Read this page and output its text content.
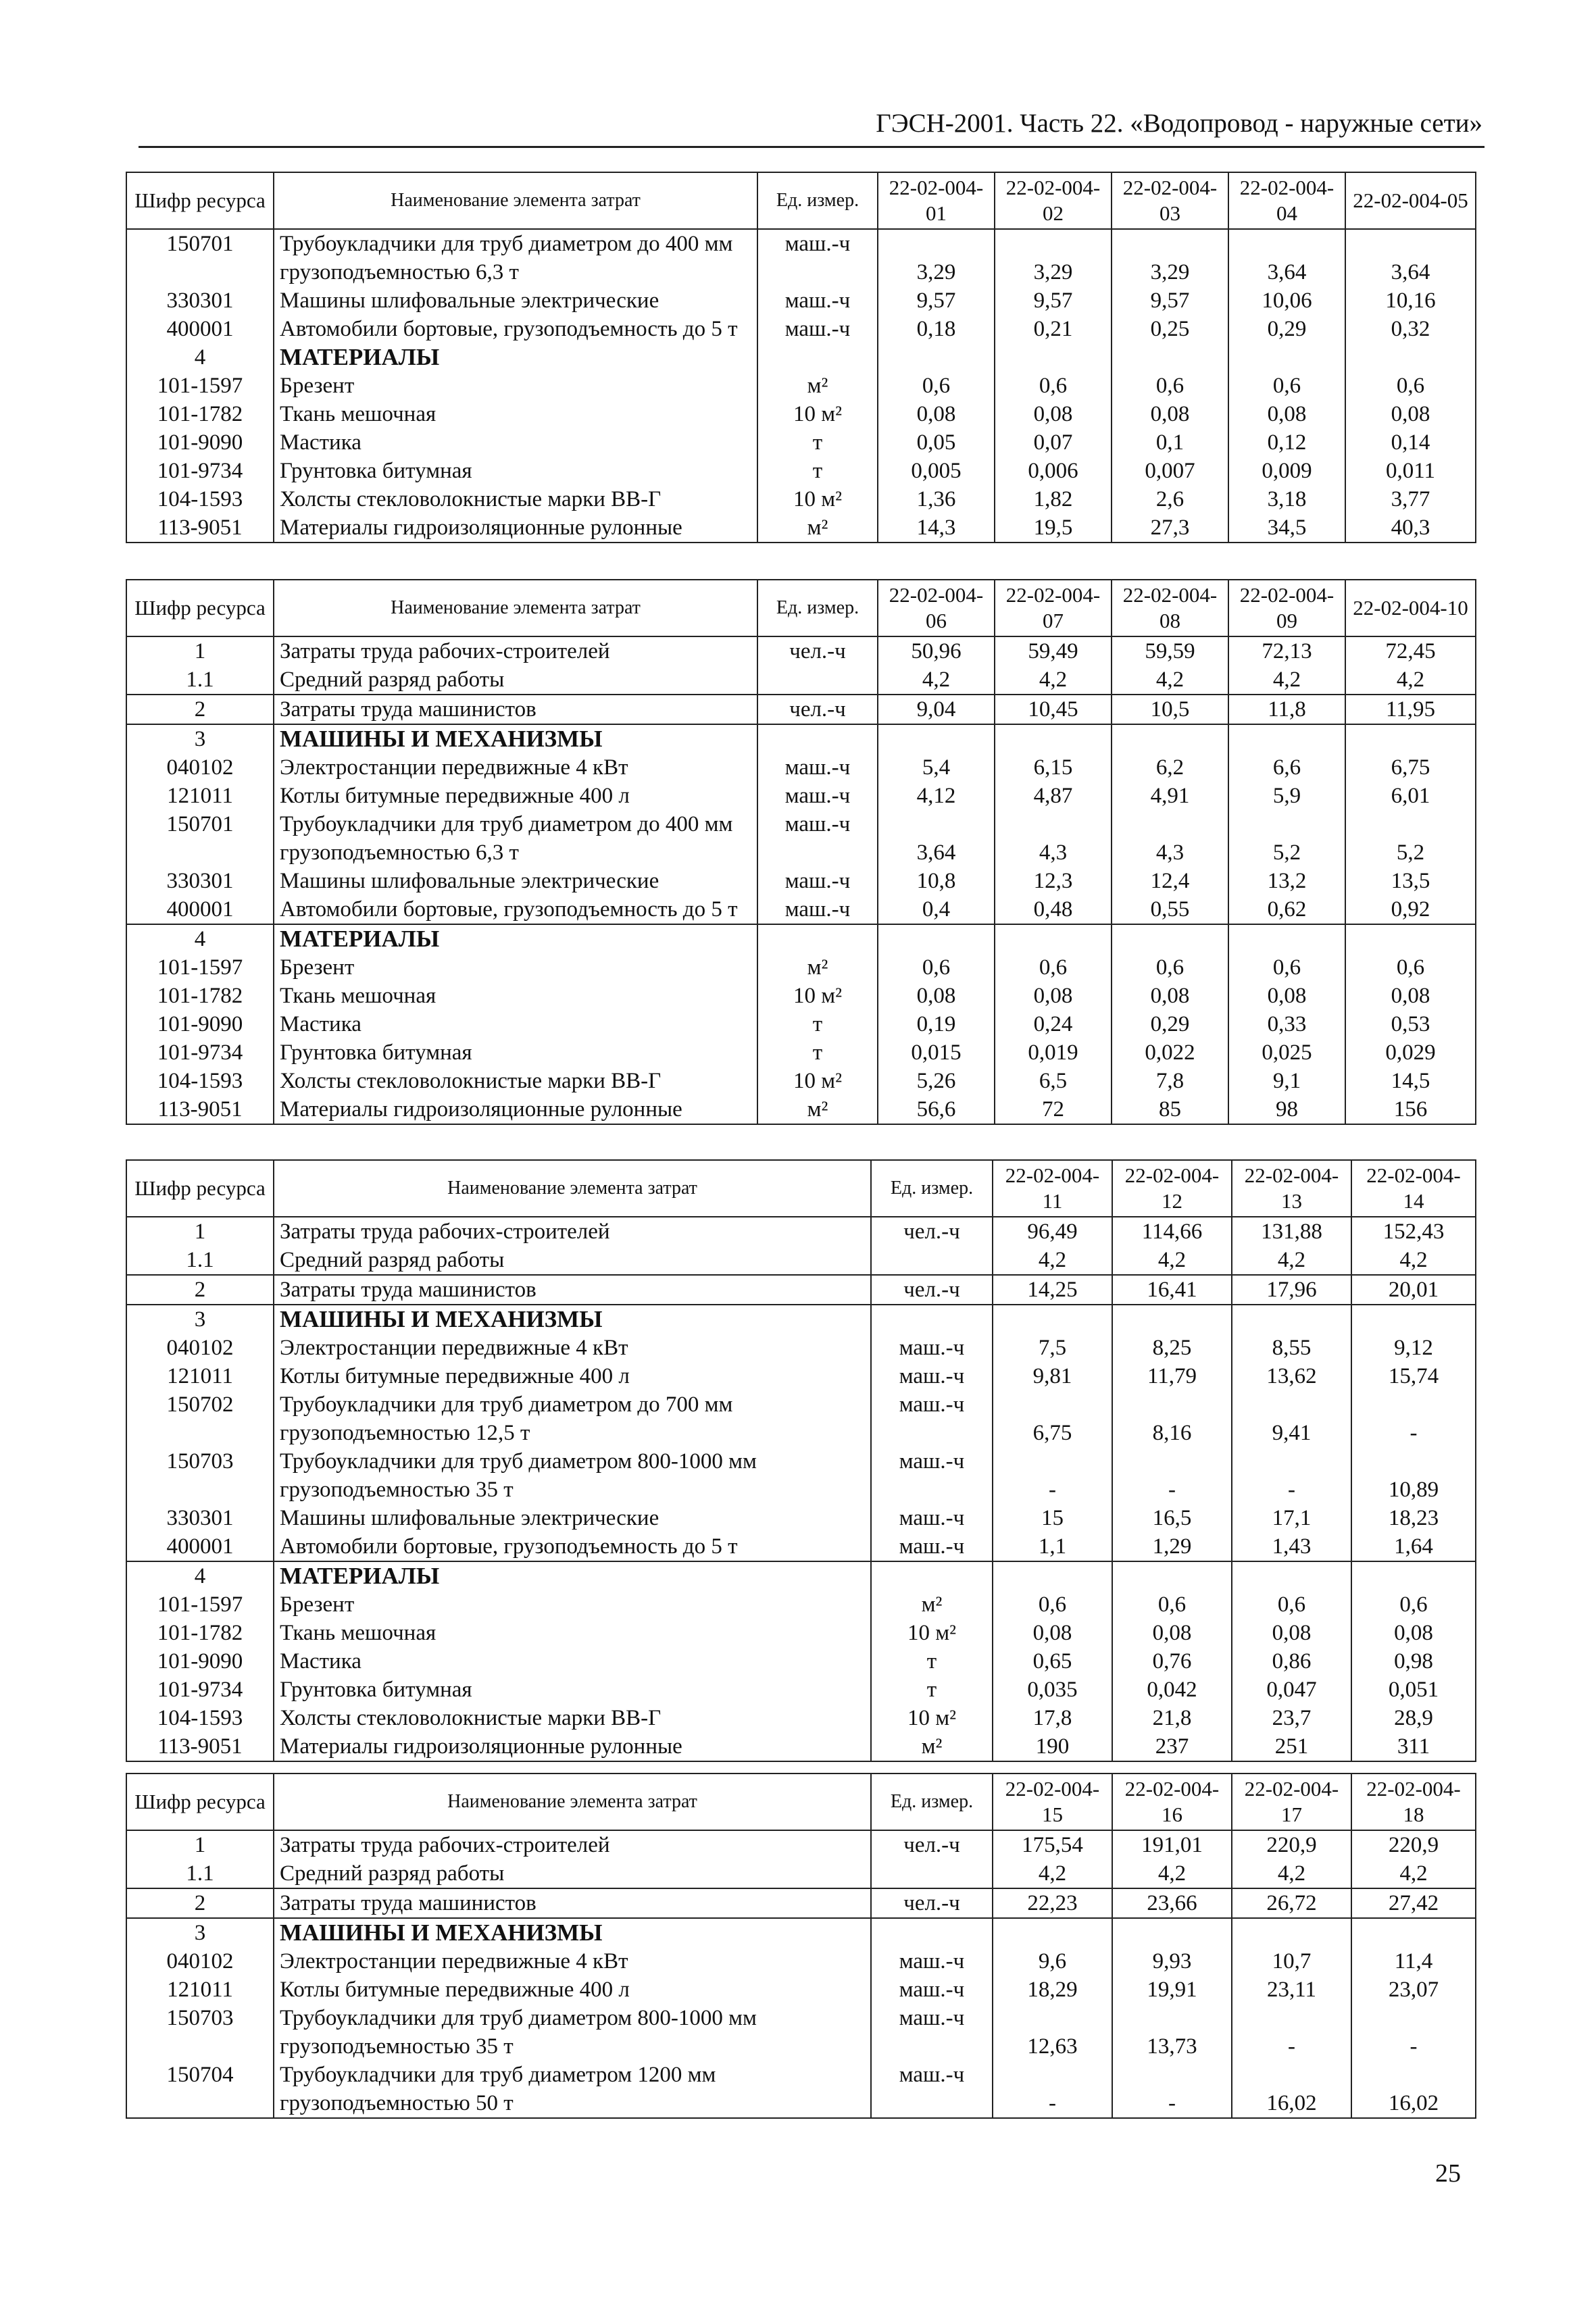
ГЭСН-2001. Часть 22. «Водопровод - наружные сети»
Шифр ресурса	Наименование элемента затрат	Ед. измер.	22-02-004-01	22-02-004-02	22-02-004-03	22-02-004-04	22-02-004-05
150701	Трубоукладчики для труб диаметром до 400 мм грузоподъемностью 6,3 т	маш.-ч	3,29	3,29	3,29	3,64	3,64
330301	Машины шлифовальные электрические	маш.-ч	9,57	9,57	9,57	10,06	10,16
400001	Автомобили бортовые, грузоподъемность до 5 т	маш.-ч	0,18	0,21	0,25	0,29	0,32
4	МАТЕРИАЛЫ						
101-1597	Брезент	м²	0,6	0,6	0,6	0,6	0,6
101-1782	Ткань мешочная	10 м²	0,08	0,08	0,08	0,08	0,08
101-9090	Мастика	т	0,05	0,07	0,1	0,12	0,14
101-9734	Грунтовка битумная	т	0,005	0,006	0,007	0,009	0,011
104-1593	Холсты стекловолокнистые марки ВВ-Г	10 м²	1,36	1,82	2,6	3,18	3,77
113-9051	Материалы гидроизоляционные рулонные	м²	14,3	19,5	27,3	34,5	40,3
Шифр ресурса	Наименование элемента затрат	Ед. измер.	22-02-004-06	22-02-004-07	22-02-004-08	22-02-004-09	22-02-004-10
1	Затраты труда рабочих-строителей	чел.-ч	50,96	59,49	59,59	72,13	72,45
1.1	Средний разряд работы		4,2	4,2	4,2	4,2	4,2
2	Затраты труда машинистов	чел.-ч	9,04	10,45	10,5	11,8	11,95
3	МАШИНЫ И МЕХАНИЗМЫ						
040102	Электростанции передвижные 4 кВт	маш.-ч	5,4	6,15	6,2	6,6	6,75
121011	Котлы битумные передвижные 400 л	маш.-ч	4,12	4,87	4,91	5,9	6,01
150701	Трубоукладчики для труб диаметром до 400 мм грузоподъемностью 6,3 т	маш.-ч	3,64	4,3	4,3	5,2	5,2
330301	Машины шлифовальные электрические	маш.-ч	10,8	12,3	12,4	13,2	13,5
400001	Автомобили бортовые, грузоподъемность до 5 т	маш.-ч	0,4	0,48	0,55	0,62	0,92
4	МАТЕРИАЛЫ						
101-1597	Брезент	м²	0,6	0,6	0,6	0,6	0,6
101-1782	Ткань мешочная	10 м²	0,08	0,08	0,08	0,08	0,08
101-9090	Мастика	т	0,19	0,24	0,29	0,33	0,53
101-9734	Грунтовка битумная	т	0,015	0,019	0,022	0,025	0,029
104-1593	Холсты стекловолокнистые марки ВВ-Г	10 м²	5,26	6,5	7,8	9,1	14,5
113-9051	Материалы гидроизоляционные рулонные	м²	56,6	72	85	98	156
Шифр ресурса	Наименование элемента затрат	Ед. измер.	22-02-004-11	22-02-004-12	22-02-004-13	22-02-004-14
1	Затраты труда рабочих-строителей	чел.-ч	96,49	114,66	131,88	152,43
1.1	Средний разряд работы		4,2	4,2	4,2	4,2
2	Затраты труда машинистов	чел.-ч	14,25	16,41	17,96	20,01
3	МАШИНЫ И МЕХАНИЗМЫ					
040102	Электростанции передвижные 4 кВт	маш.-ч	7,5	8,25	8,55	9,12
121011	Котлы битумные передвижные 400 л	маш.-ч	9,81	11,79	13,62	15,74
150702	Трубоукладчики для труб диаметром до 700 мм грузоподъемностью 12,5 т	маш.-ч	6,75	8,16	9,41	-
150703	Трубоукладчики для труб диаметром 800-1000 мм грузоподъемностью 35 т	маш.-ч	-	-	-	10,89
330301	Машины шлифовальные электрические	маш.-ч	15	16,5	17,1	18,23
400001	Автомобили бортовые, грузоподъемность до 5 т	маш.-ч	1,1	1,29	1,43	1,64
4	МАТЕРИАЛЫ					
101-1597	Брезент	м²	0,6	0,6	0,6	0,6
101-1782	Ткань мешочная	10 м²	0,08	0,08	0,08	0,08
101-9090	Мастика	т	0,65	0,76	0,86	0,98
101-9734	Грунтовка битумная	т	0,035	0,042	0,047	0,051
104-1593	Холсты стекловолокнистые марки ВВ-Г	10 м²	17,8	21,8	23,7	28,9
113-9051	Материалы гидроизоляционные рулонные	м²	190	237	251	311
Шифр ресурса	Наименование элемента затрат	Ед. измер.	22-02-004-15	22-02-004-16	22-02-004-17	22-02-004-18
1	Затраты труда рабочих-строителей	чел.-ч	175,54	191,01	220,9	220,9
1.1	Средний разряд работы		4,2	4,2	4,2	4,2
2	Затраты труда машинистов	чел.-ч	22,23	23,66	26,72	27,42
3	МАШИНЫ И МЕХАНИЗМЫ					
040102	Электростанции передвижные 4 кВт	маш.-ч	9,6	9,93	10,7	11,4
121011	Котлы битумные передвижные 400 л	маш.-ч	18,29	19,91	23,11	23,07
150703	Трубоукладчики для труб диаметром 800-1000 мм грузоподъемностью 35 т	маш.-ч	12,63	13,73	-	-
150704	Трубоукладчики для труб диаметром 1200 мм грузоподъемностью 50 т	маш.-ч	-	-	16,02	16,02
25
